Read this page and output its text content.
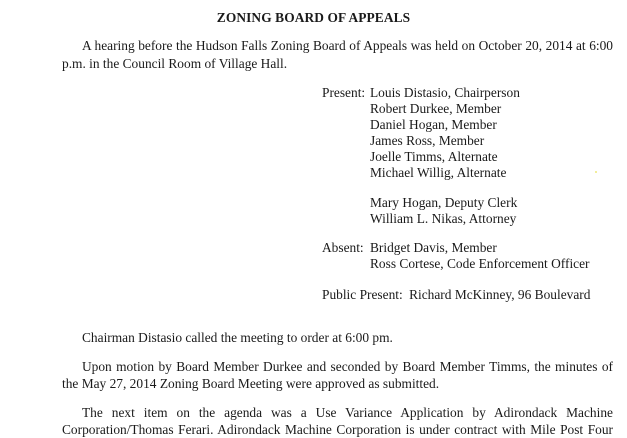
ZONING BOARD OF APPEALS
A hearing before the Hudson Falls Zoning Board of Appeals was held on October 20, 2014 at 6:00
p.m. in the Council Room of Village Hall.
Present: Louis Distasio, Chairperson
Robert Durkee, Member
Daniel Hogan, Member
James Ross, Member
Joelle Timms, Alternate
Michael Willig, Alternate
Mary Hogan, Deputy Clerk
William L. Nikas, Attorney
Absent: Bridget Davis, Member
Ross Cortese, Code Enforcement Officer
Public Present: Richard McKinney, 96 Boulevard
Chairman Distasio called the meeting to order at 6:00 pm.
Upon motion by Board Member Durkee and seconded by Board Member Timms, the minutes of
the May 27, 2014 Zoning Board Meeting were approved as submitted.
The next item on the agenda was a Use Variance Application by Adirondack Machine
Corporation/Thomas Ferari. Adirondack Machine Corporation is under contract with Mile Post Four
